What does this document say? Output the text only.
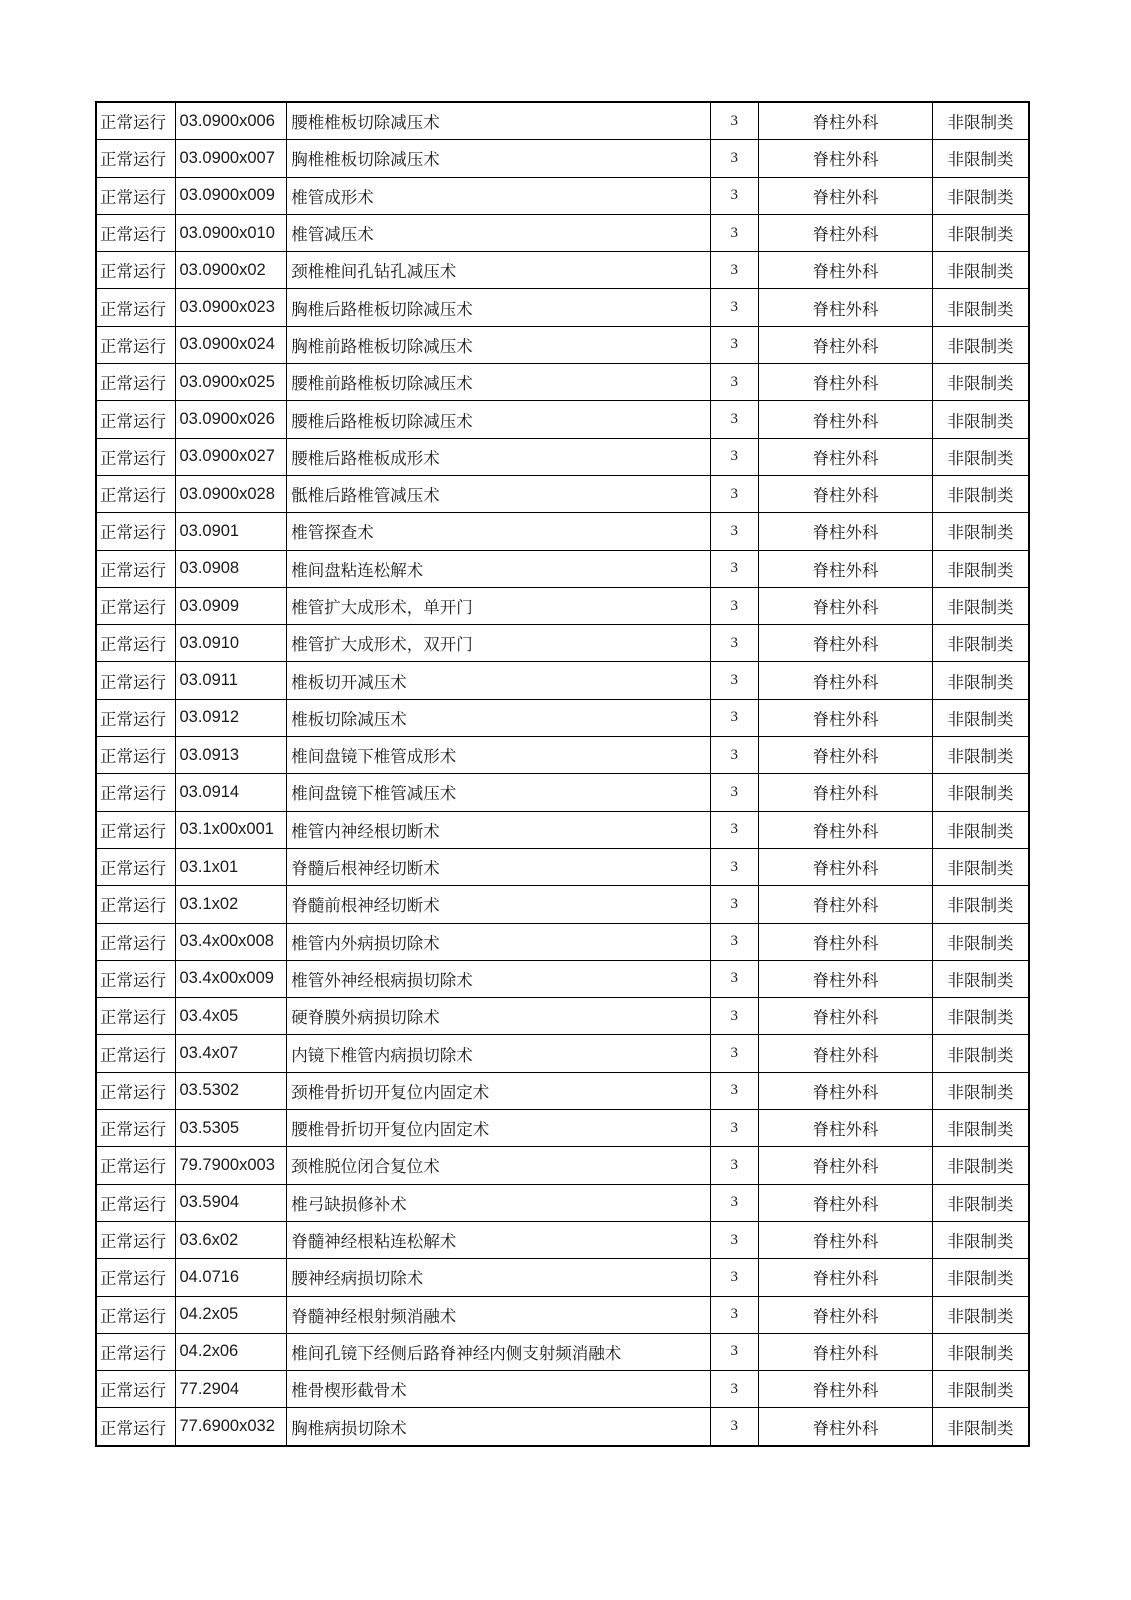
正常运行	03.0900x006	腰椎椎板切除减压术	3	脊柱外科	非限制类
正常运行	03.0900x007	胸椎椎板切除减压术	3	脊柱外科	非限制类
正常运行	03.0900x009	椎管成形术	3	脊柱外科	非限制类
正常运行	03.0900x010	椎管减压术	3	脊柱外科	非限制类
正常运行	03.0900x02	颈椎椎间孔钻孔减压术	3	脊柱外科	非限制类
正常运行	03.0900x023	胸椎后路椎板切除减压术	3	脊柱外科	非限制类
正常运行	03.0900x024	胸椎前路椎板切除减压术	3	脊柱外科	非限制类
正常运行	03.0900x025	腰椎前路椎板切除减压术	3	脊柱外科	非限制类
正常运行	03.0900x026	腰椎后路椎板切除减压术	3	脊柱外科	非限制类
正常运行	03.0900x027	腰椎后路椎板成形术	3	脊柱外科	非限制类
正常运行	03.0900x028	骶椎后路椎管减压术	3	脊柱外科	非限制类
正常运行	03.0901	椎管探查术	3	脊柱外科	非限制类
正常运行	03.0908	椎间盘粘连松解术	3	脊柱外科	非限制类
正常运行	03.0909	椎管扩大成形术，单开门	3	脊柱外科	非限制类
正常运行	03.0910	椎管扩大成形术，双开门	3	脊柱外科	非限制类
正常运行	03.0911	椎板切开减压术	3	脊柱外科	非限制类
正常运行	03.0912	椎板切除减压术	3	脊柱外科	非限制类
正常运行	03.0913	椎间盘镜下椎管成形术	3	脊柱外科	非限制类
正常运行	03.0914	椎间盘镜下椎管减压术	3	脊柱外科	非限制类
正常运行	03.1x00x001	椎管内神经根切断术	3	脊柱外科	非限制类
正常运行	03.1x01	脊髓后根神经切断术	3	脊柱外科	非限制类
正常运行	03.1x02	脊髓前根神经切断术	3	脊柱外科	非限制类
正常运行	03.4x00x008	椎管内外病损切除术	3	脊柱外科	非限制类
正常运行	03.4x00x009	椎管外神经根病损切除术	3	脊柱外科	非限制类
正常运行	03.4x05	硬脊膜外病损切除术	3	脊柱外科	非限制类
正常运行	03.4x07	内镜下椎管内病损切除术	3	脊柱外科	非限制类
正常运行	03.5302	颈椎骨折切开复位内固定术	3	脊柱外科	非限制类
正常运行	03.5305	腰椎骨折切开复位内固定术	3	脊柱外科	非限制类
正常运行	79.7900x003	颈椎脱位闭合复位术	3	脊柱外科	非限制类
正常运行	03.5904	椎弓缺损修补术	3	脊柱外科	非限制类
正常运行	03.6x02	脊髓神经根粘连松解术	3	脊柱外科	非限制类
正常运行	04.0716	腰神经病损切除术	3	脊柱外科	非限制类
正常运行	04.2x05	脊髓神经根射频消融术	3	脊柱外科	非限制类
正常运行	04.2x06	椎间孔镜下经侧后路脊神经内侧支射频消融术	3	脊柱外科	非限制类
正常运行	77.2904	椎骨楔形截骨术	3	脊柱外科	非限制类
正常运行	77.6900x032	胸椎病损切除术	3	脊柱外科	非限制类
